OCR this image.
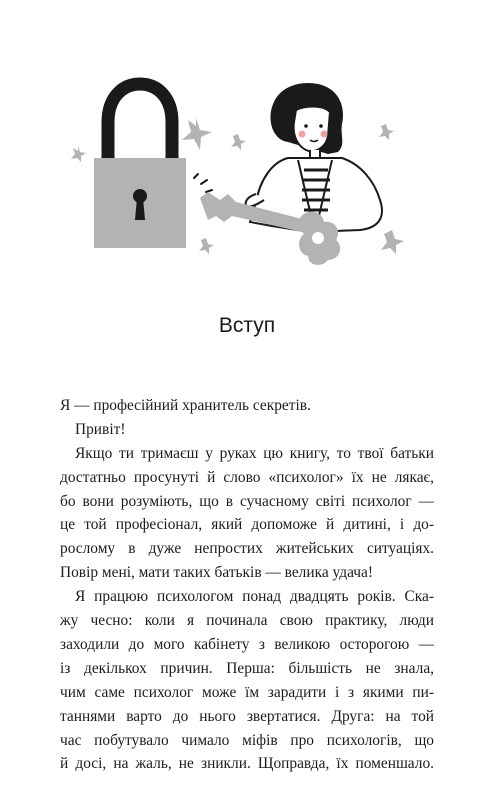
Вступ
Я — професійний хранитель секретів.
Привіт!
Якщо ти тримаєш у руках цю книгу, то твої батьки
достатньо просунуті й слово «психолог» їх не лякає,
бо вони розуміють, що в сучасному світі психолог —
це той професіонал, який допоможе й дитині, і до-
рослому в дуже непростих житейських ситуаціях.
Повір мені, мати таких батьків — велика удача!
Я працюю психологом понад двадцять років. Ска-
жу чесно: коли я починала свою практику, люди
заходили до мого кабінету з великою осторогою —
із декількох причин. Перша: більшість не знала,
чим саме психолог може їм зарадити і з якими пи-
таннями варто до нього звертатися. Друга: на той
час побутувало чимало міфів про психологів, що
й досі, на жаль, не зникли. Щоправда, їх поменшало.
